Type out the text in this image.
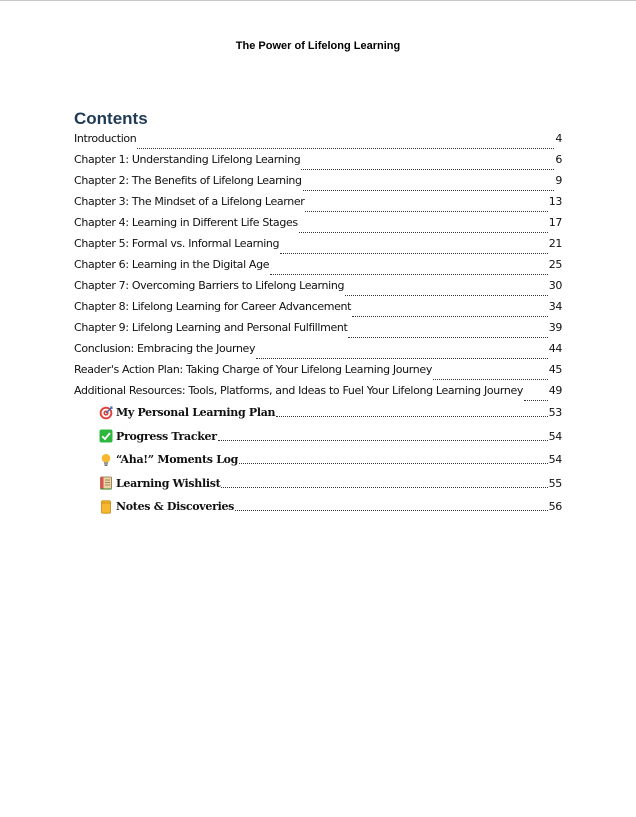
The Power of Lifelong Learning
Contents
Introduction	4
Chapter 1: Understanding Lifelong Learning	6
Chapter 2: The Benefits of Lifelong Learning	9
Chapter 3: The Mindset of a Lifelong Learner	13
Chapter 4: Learning in Different Life Stages	17
Chapter 5: Formal vs. Informal Learning	21
Chapter 6: Learning in the Digital Age	25
Chapter 7: Overcoming Barriers to Lifelong Learning	30
Chapter 8: Lifelong Learning for Career Advancement	34
Chapter 9: Lifelong Learning and Personal Fulfillment	39
Conclusion: Embracing the Journey	44
Reader's Action Plan: Taking Charge of Your Lifelong Learning Journey	45
Additional Resources: Tools, Platforms, and Ideas to Fuel Your Lifelong Learning Journey 49
My Personal Learning Plan	53
Progress Tracker	54
“Aha!” Moments Log	54
Learning Wishlist	55
Notes & Discoveries	56
